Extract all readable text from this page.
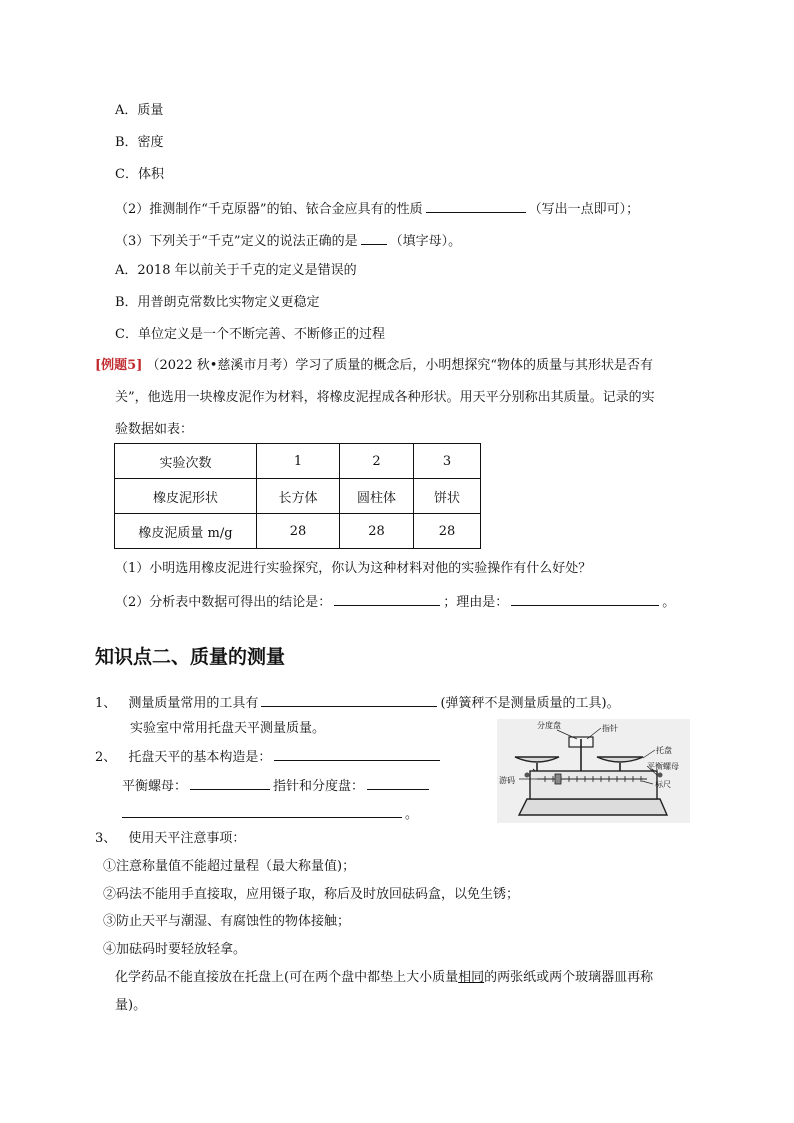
A．质量
B．密度
C．体积
（2）推测制作“千克原器”的铂、铱合金应具有的性质	（写出一点即可）；
（3）下列关于“千克”定义的说法正确的是 （填字母）。
A．2018 年以前关于千克的定义是错误的
B．用普朗克常数比实物定义更稳定
C．单位定义是一个不断完善、不断修正的过程
[例题5] （2022 秋•慈溪市月考）学习了质量的概念后，小明想探究“物体的质量与其形状是否有
关”，他选用一块橡皮泥作为材料，将橡皮泥捏成各种形状。用天平分别称出其质量。记录的实
验数据如表：
实验次数	1	2	3
橡皮泥形状	长方体	圆柱体	饼状
橡皮泥质量 m/g	28	28	28
（1）小明选用橡皮泥进行实验探究，你认为这种材料对他的实验操作有什么好处？
（2）分析表中数据可得出的结论是：	；理由是：	。
知识点二、质量的测量
1、 测量质量常用的工具有	(弹簧秤不是测量质量的工具)。
实验室中常用托盘天平测量质量。
2、 托盘天平的基本构造是：
平衡螺母：	指针和分度盘：
。
分度盘	指针
托盘
平衡螺母
游码	标尺
3、 使用天平注意事项：
①注意称量值不能超过量程（最大称量值)；
②码法不能用手直接取，应用镊子取，称后及时放回砝码盒，以免生锈；
③防止天平与潮湿、有腐蚀性的物体接触；
④加砝码时要轻放轻拿。
化学药品不能直接放在托盘上(可在两个盘中都垫上大小质量相同的两张纸或两个玻璃器皿再称
量)。
